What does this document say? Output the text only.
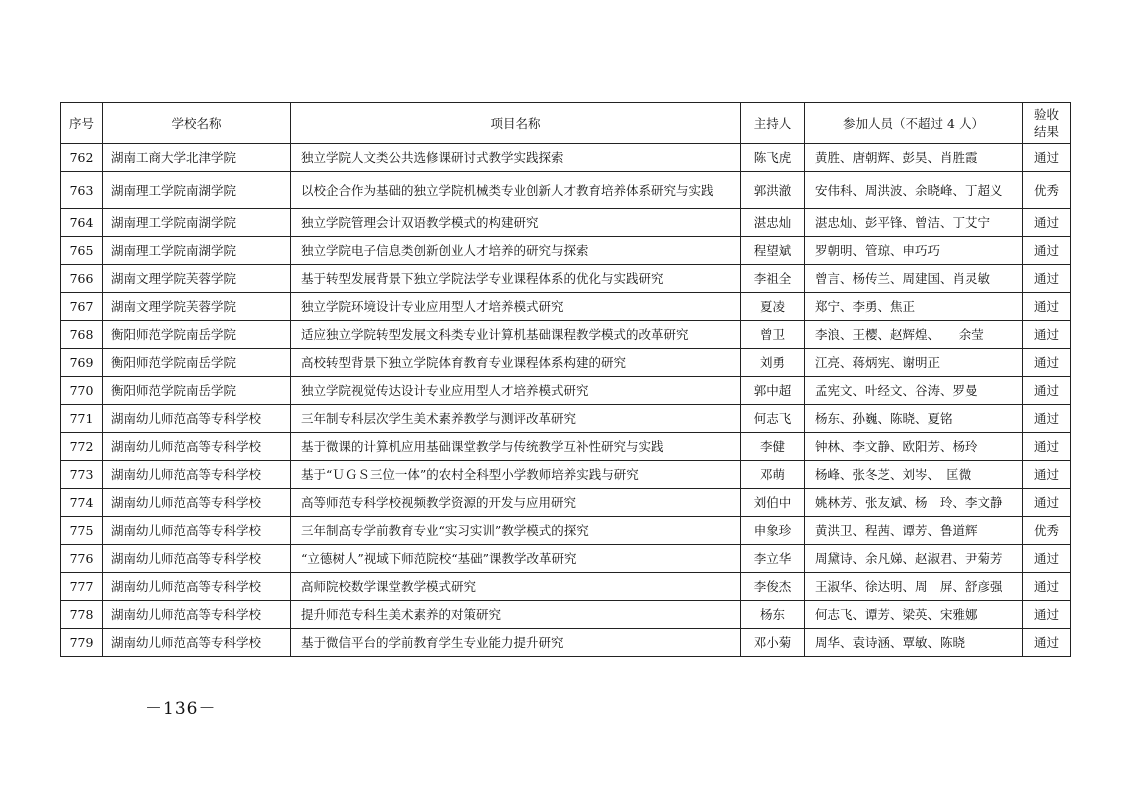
序号	学校名称	项目名称	主持人	参加人员（不超过 4 人）	验收
结果

762	湖南工商大学北津学院	独立学院人文类公共选修课研讨式教学实践探索	陈飞虎	黄胜、唐朝辉、彭昊、肖胜霞	通过
763	湖南理工学院南湖学院	以校企合作为基础的独立学院机械类专业创新人才教育培养体系研究与实践	郭洪澈	安伟科、周洪波、余晓峰、丁超义	优秀
764	湖南理工学院南湖学院	独立学院管理会计双语教学模式的构建研究	湛忠灿	湛忠灿、彭平锋、曾洁、丁艾宁	通过
765	湖南理工学院南湖学院	独立学院电子信息类创新创业人才培养的研究与探索	程望斌	罗朝明、管琼、申巧巧	通过
766	湖南文理学院芙蓉学院	基于转型发展背景下独立学院法学专业课程体系的优化与实践研究	李祖全	曾言、杨传兰、周建国、肖灵敏	通过
767	湖南文理学院芙蓉学院	独立学院环境设计专业应用型人才培养模式研究	夏凌	郑宁、李勇、焦正	通过
768	衡阳师范学院南岳学院	适应独立学院转型发展文科类专业计算机基础课程教学模式的改革研究	曾卫	李浪、王樱、赵辉煌、　　余莹	通过
769	衡阳师范学院南岳学院	高校转型背景下独立学院体育教育专业课程体系构建的研究	刘勇	江亮、蒋炳宪、谢明正	通过
770	衡阳师范学院南岳学院	独立学院视觉传达设计专业应用型人才培养模式研究	郭中超	孟宪文、叶经文、谷涛、罗曼	通过
771	湖南幼儿师范高等专科学校	三年制专科层次学生美术素养教学与测评改革研究	何志飞	杨东、孙巍、陈晓、夏铭	通过
772	湖南幼儿师范高等专科学校	基于微课的计算机应用基础课堂教学与传统教学互补性研究与实践	李健	钟林、李文静、欧阳芳、杨玲	通过
773	湖南幼儿师范高等专科学校	基于“ＵＧＳ三位一体”的农村全科型小学教师培养实践与研究	邓萌	杨峰、张冬芝、刘岑、　匡微	通过
774	湖南幼儿师范高等专科学校	高等师范专科学校视频教学资源的开发与应用研究	刘伯中	姚林芳、张友斌、杨　玲、李文静	通过
775	湖南幼儿师范高等专科学校	三年制高专学前教育专业“实习实训”教学模式的探究	申象珍	黄洪卫、程茜、谭芳、鲁道辉	优秀
776	湖南幼儿师范高等专科学校	“立德树人”视域下师范院校“基础”课教学改革研究	李立华	周黛诗、余凡娣、赵淑君、尹菊芳	通过
777	湖南幼儿师范高等专科学校	高师院校数学课堂教学模式研究	李俊杰	王淑华、徐达明、周　屏、舒彦强	通过
778	湖南幼儿师范高等专科学校	提升师范专科生美术素养的对策研究	杨东	何志飞、谭芳、梁英、宋雅娜	通过
779	湖南幼儿师范高等专科学校	基于微信平台的学前教育学生专业能力提升研究	邓小菊	周华、袁诗涵、覃敏、陈晓	通过
－136－
